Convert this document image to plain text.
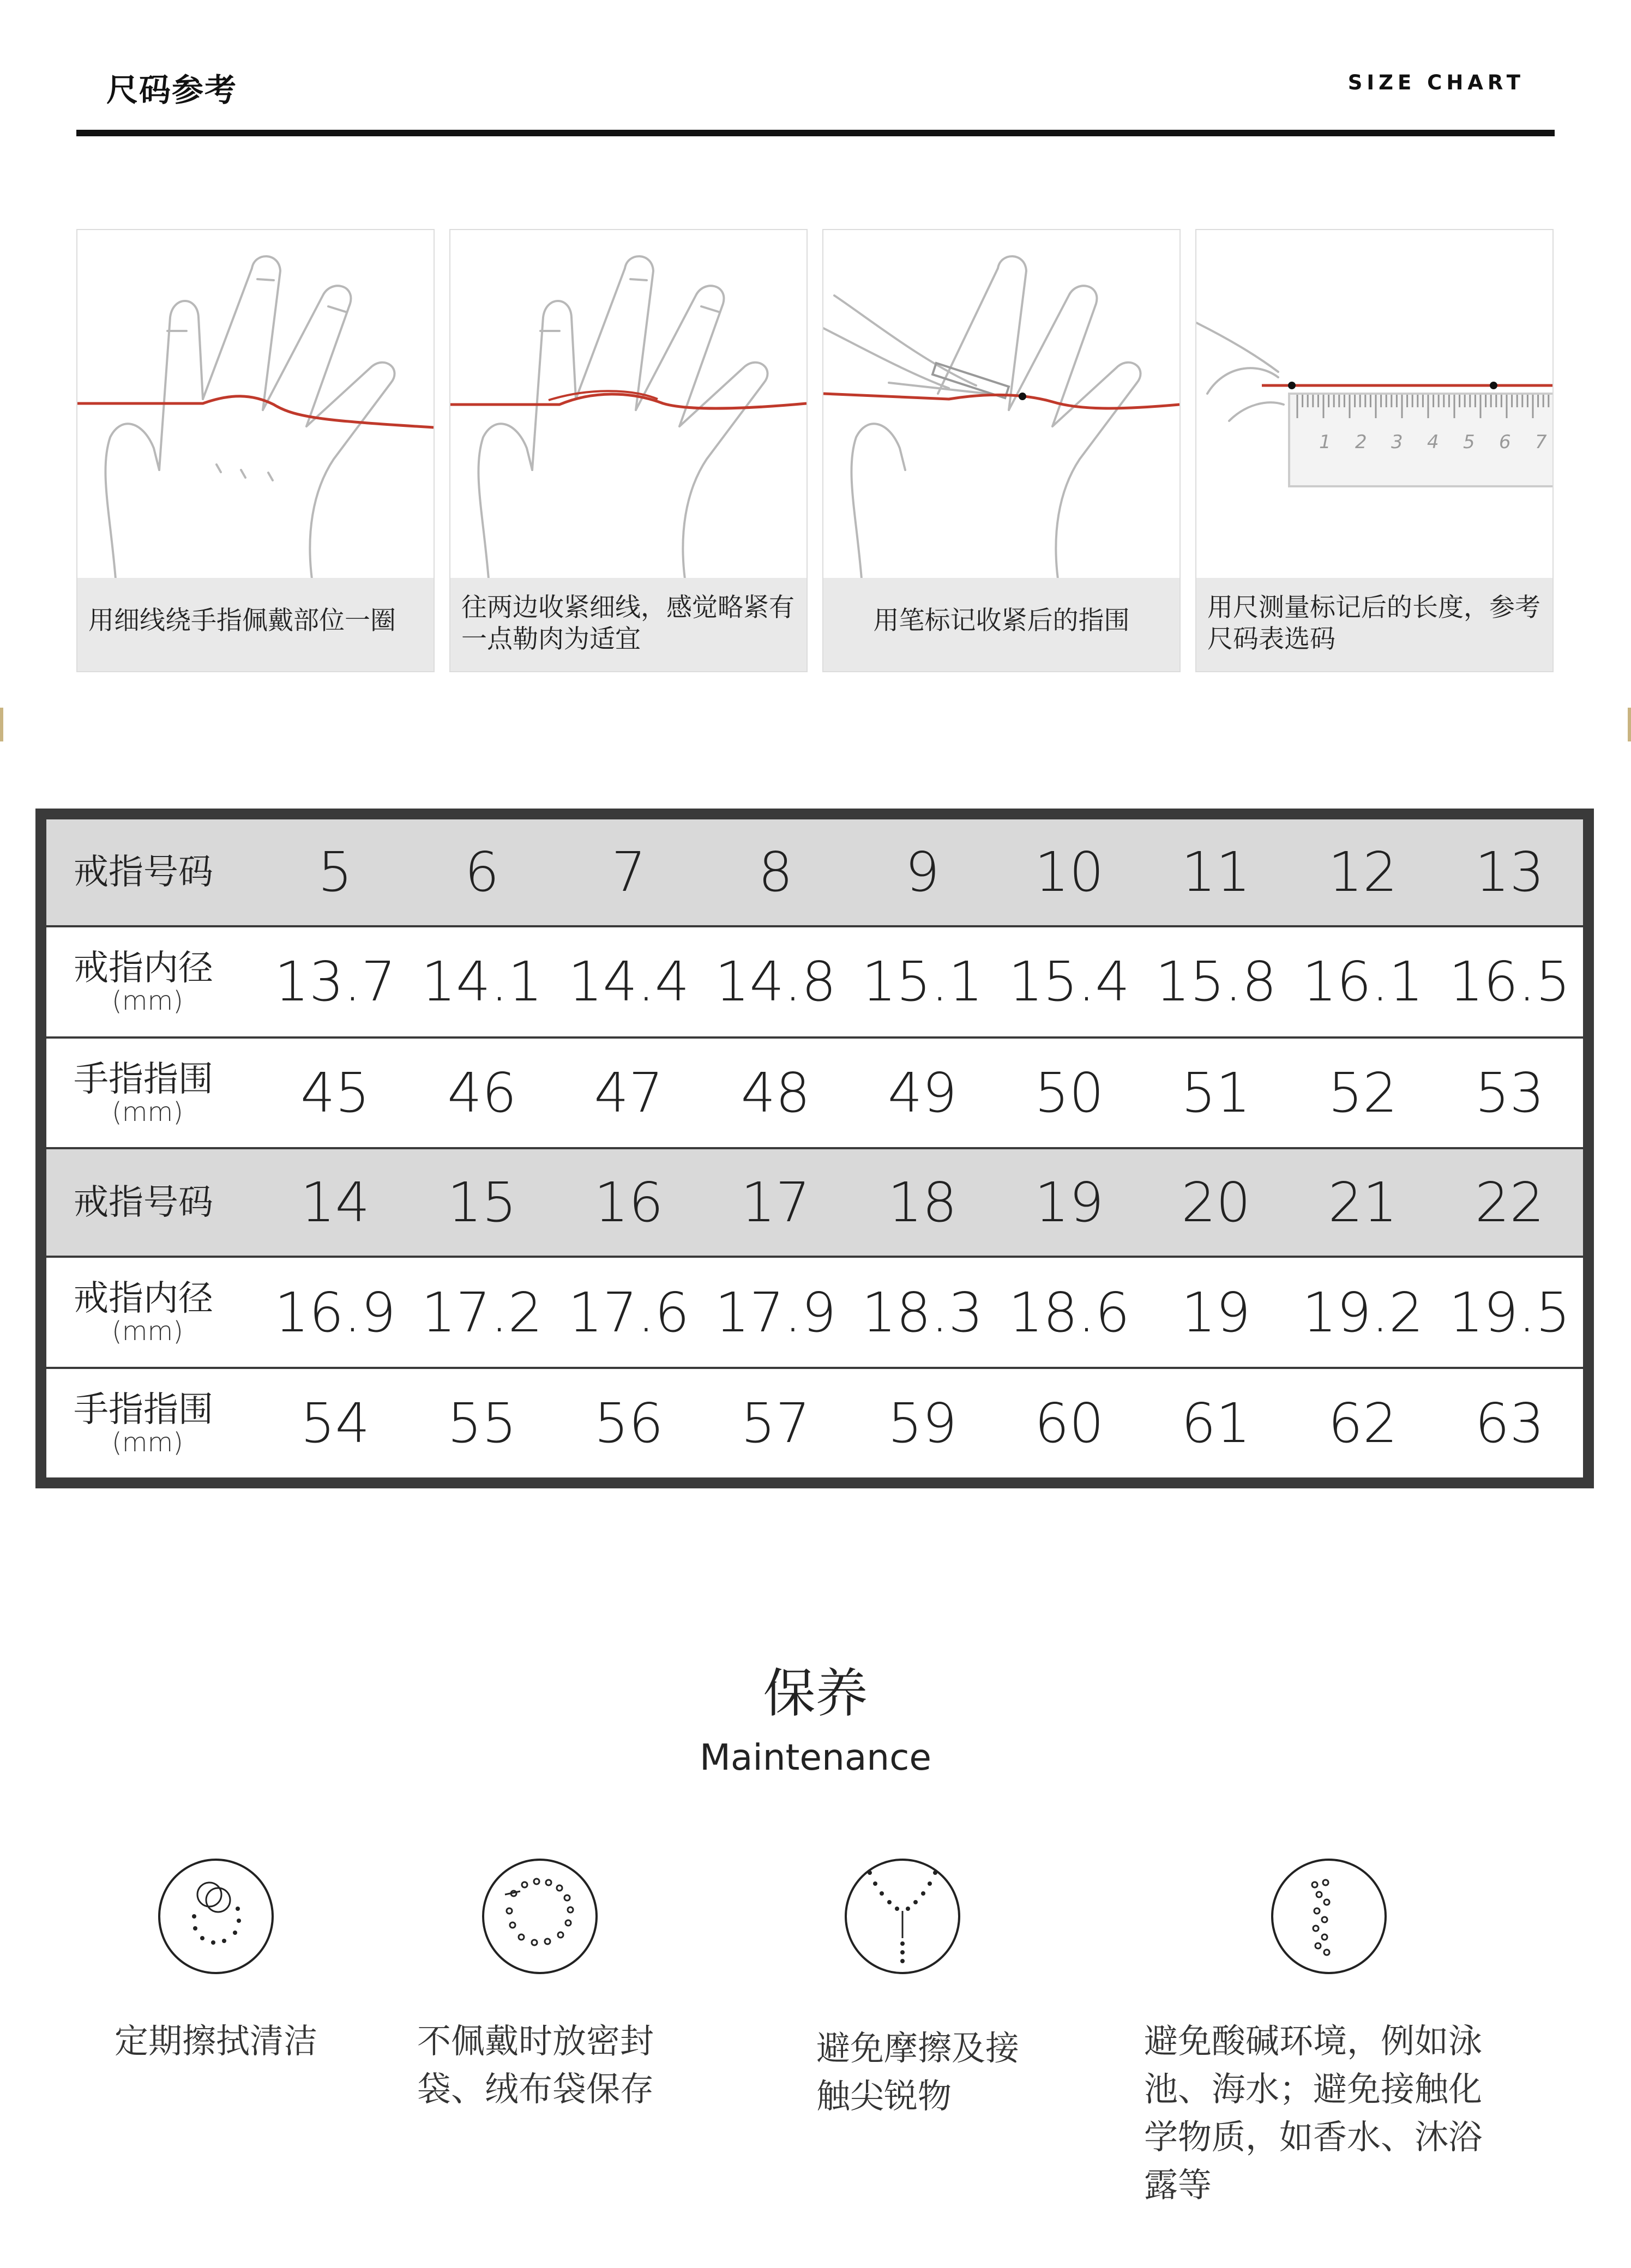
尺码参考	SIZE CHART
用细线绕手指佩戴部位一圈	往两边收紧细线，感觉略紧有一点勒肉为适宜
用笔标记收紧后的指围
1 2 3 4 5 6 7
用尺测量标记后的长度，参考尺码表选码
戒指号码	5	6	7	8	9	10	11	12	13
戒指内径
(mm)	13.7	14.1	14.4	14.8	15.1	15.4	15.8	16.1	16.5
手指指围
(mm)	45	46	47	48	49	50	51	52	53
戒指号码	14	15	16	17	18	19	20	21	22
戒指内径
(mm)	16.9	17.2	17.6	17.9	18.3	18.6	19	19.2	19.5
手指指围
(mm)	54	55	56	57	59	60	61	62	63
保养
Maintenance
定期擦拭清洁	不佩戴时放密封
袋、绒布袋保存
避免摩擦及接
触尖锐物
避免酸碱环境，例如泳
池、海水；避免接触化
学物质，如香水、沐浴
露等
